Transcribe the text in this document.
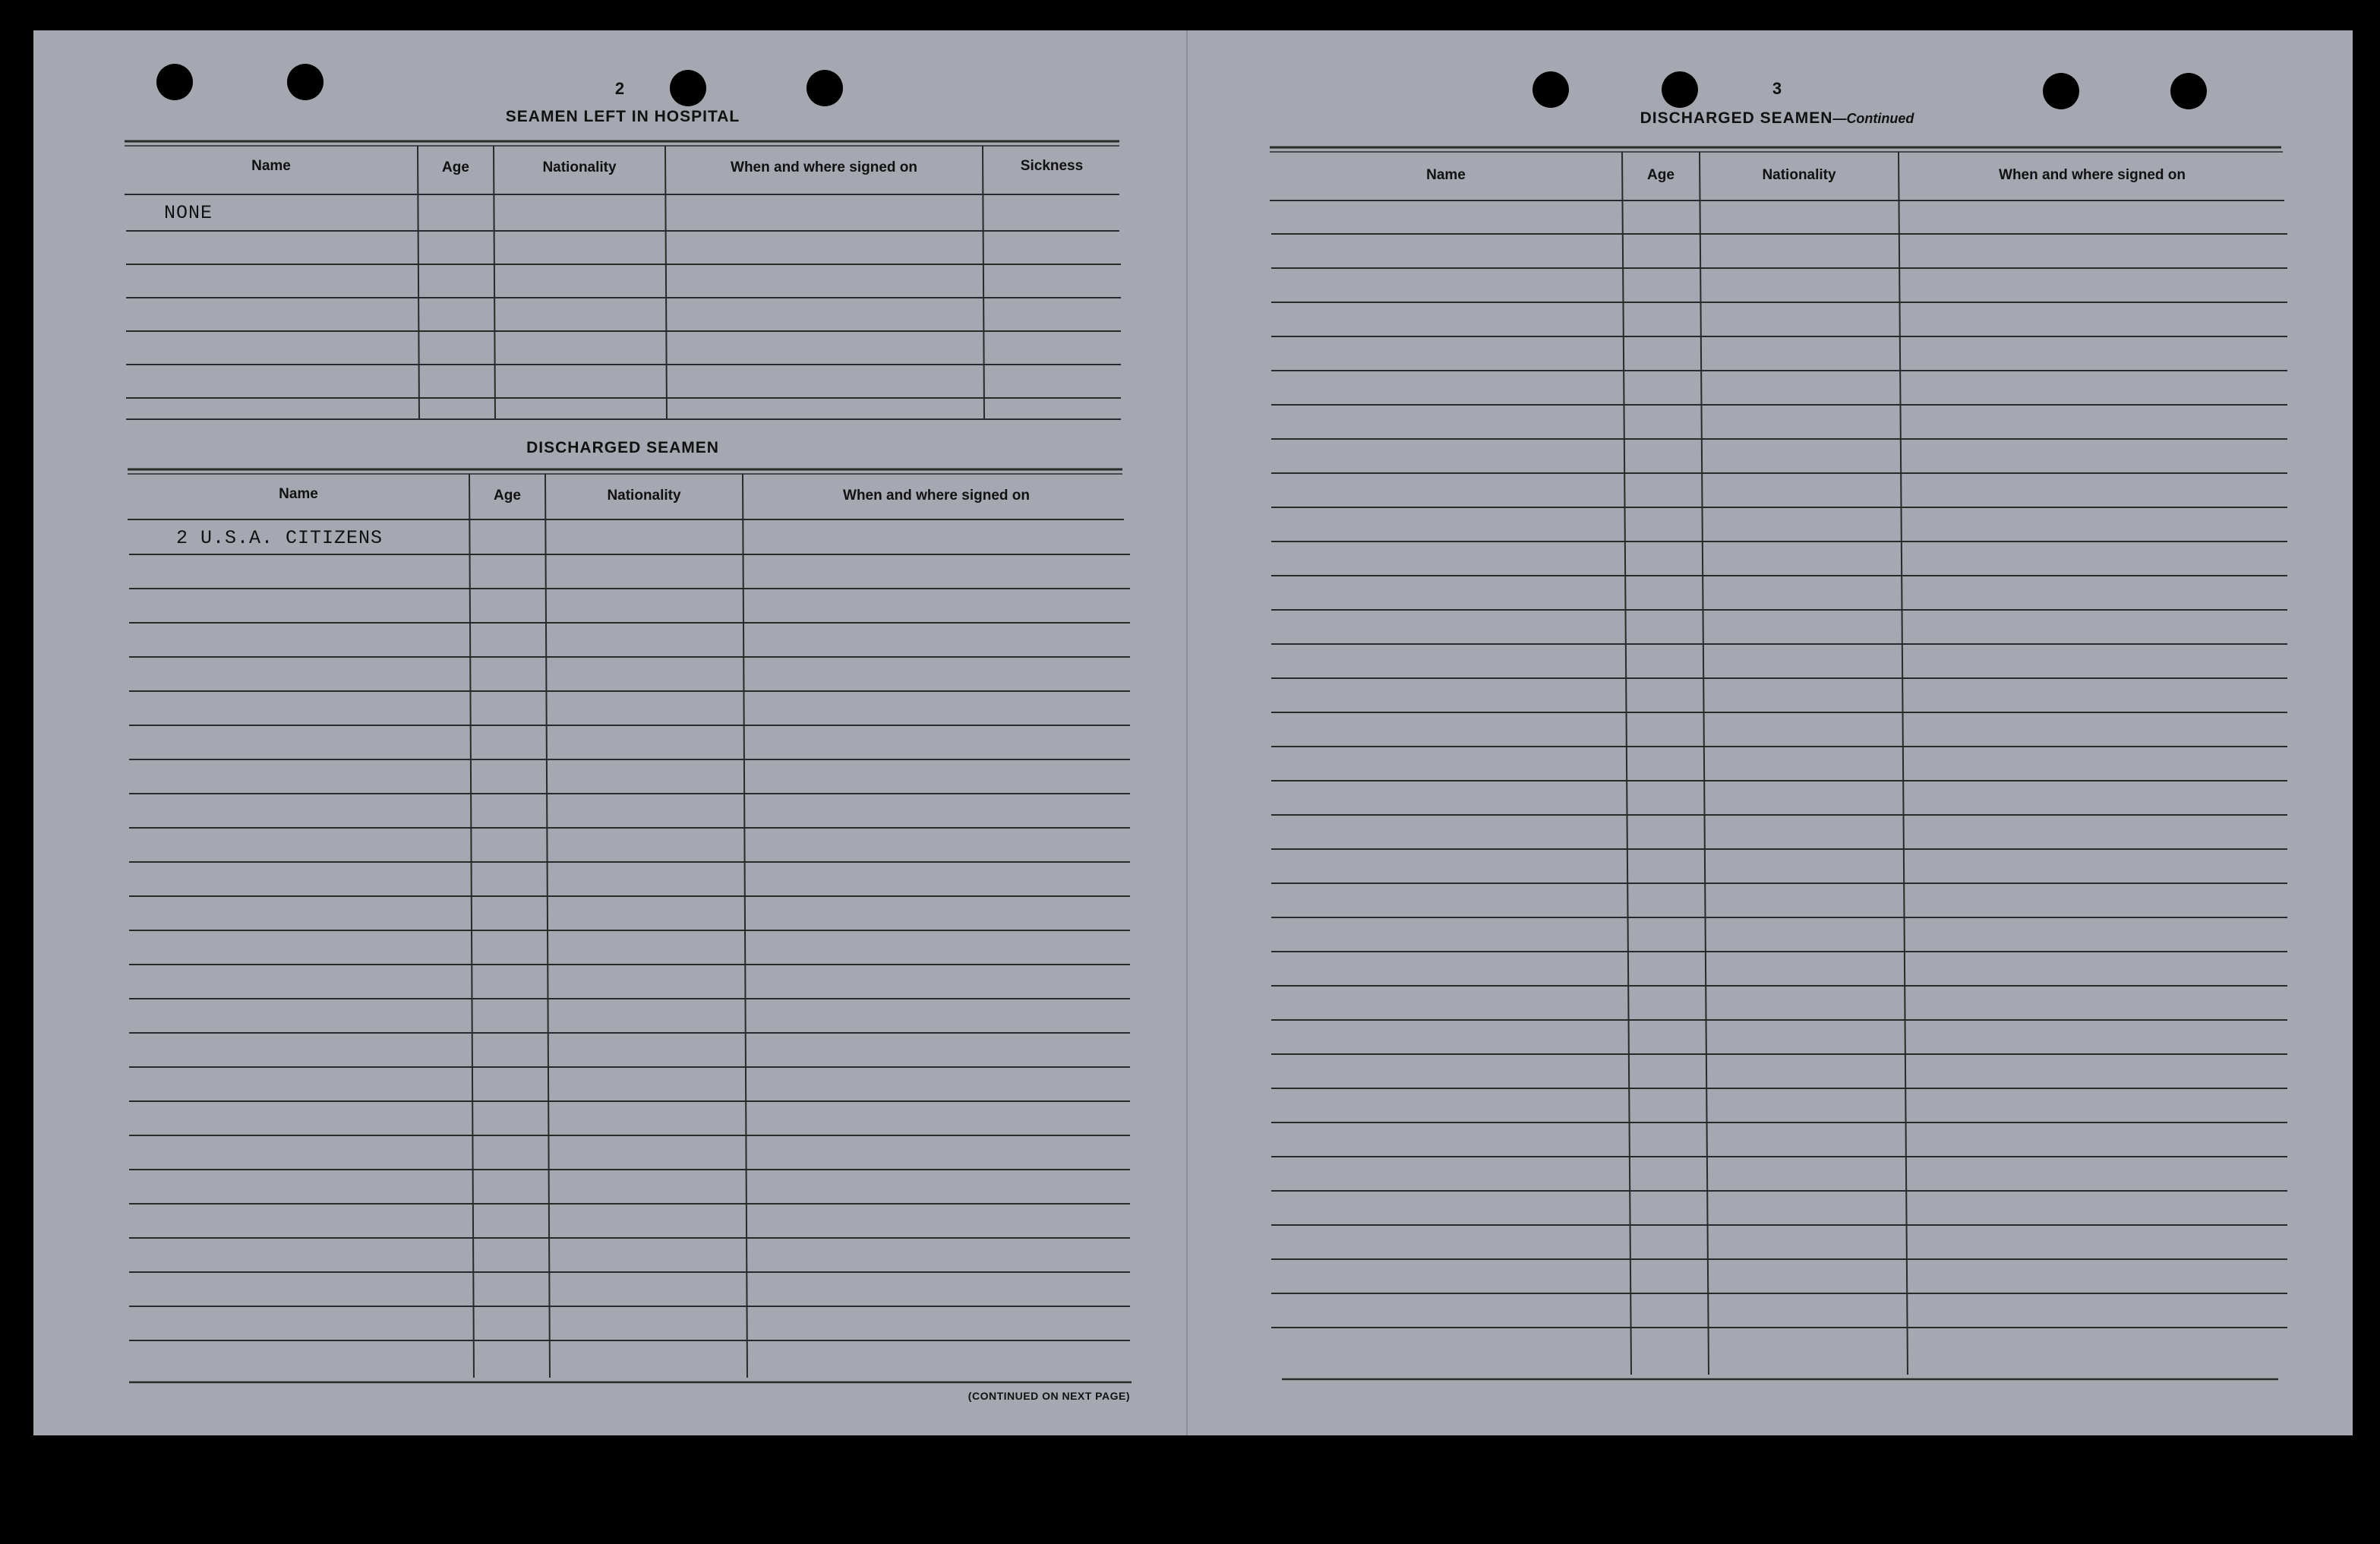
2
SEAMEN LEFT IN HOSPITAL
Name	Age	Nationality	When and where signed on	Sickness
NONE
DISCHARGED SEAMEN
Name	Age	Nationality	When and where signed on
2 U.S.A. CITIZENS
(CONTINUED ON NEXT PAGE)
3
DISCHARGED SEAMEN—Continued
Name	Age	Nationality	When and where signed on
